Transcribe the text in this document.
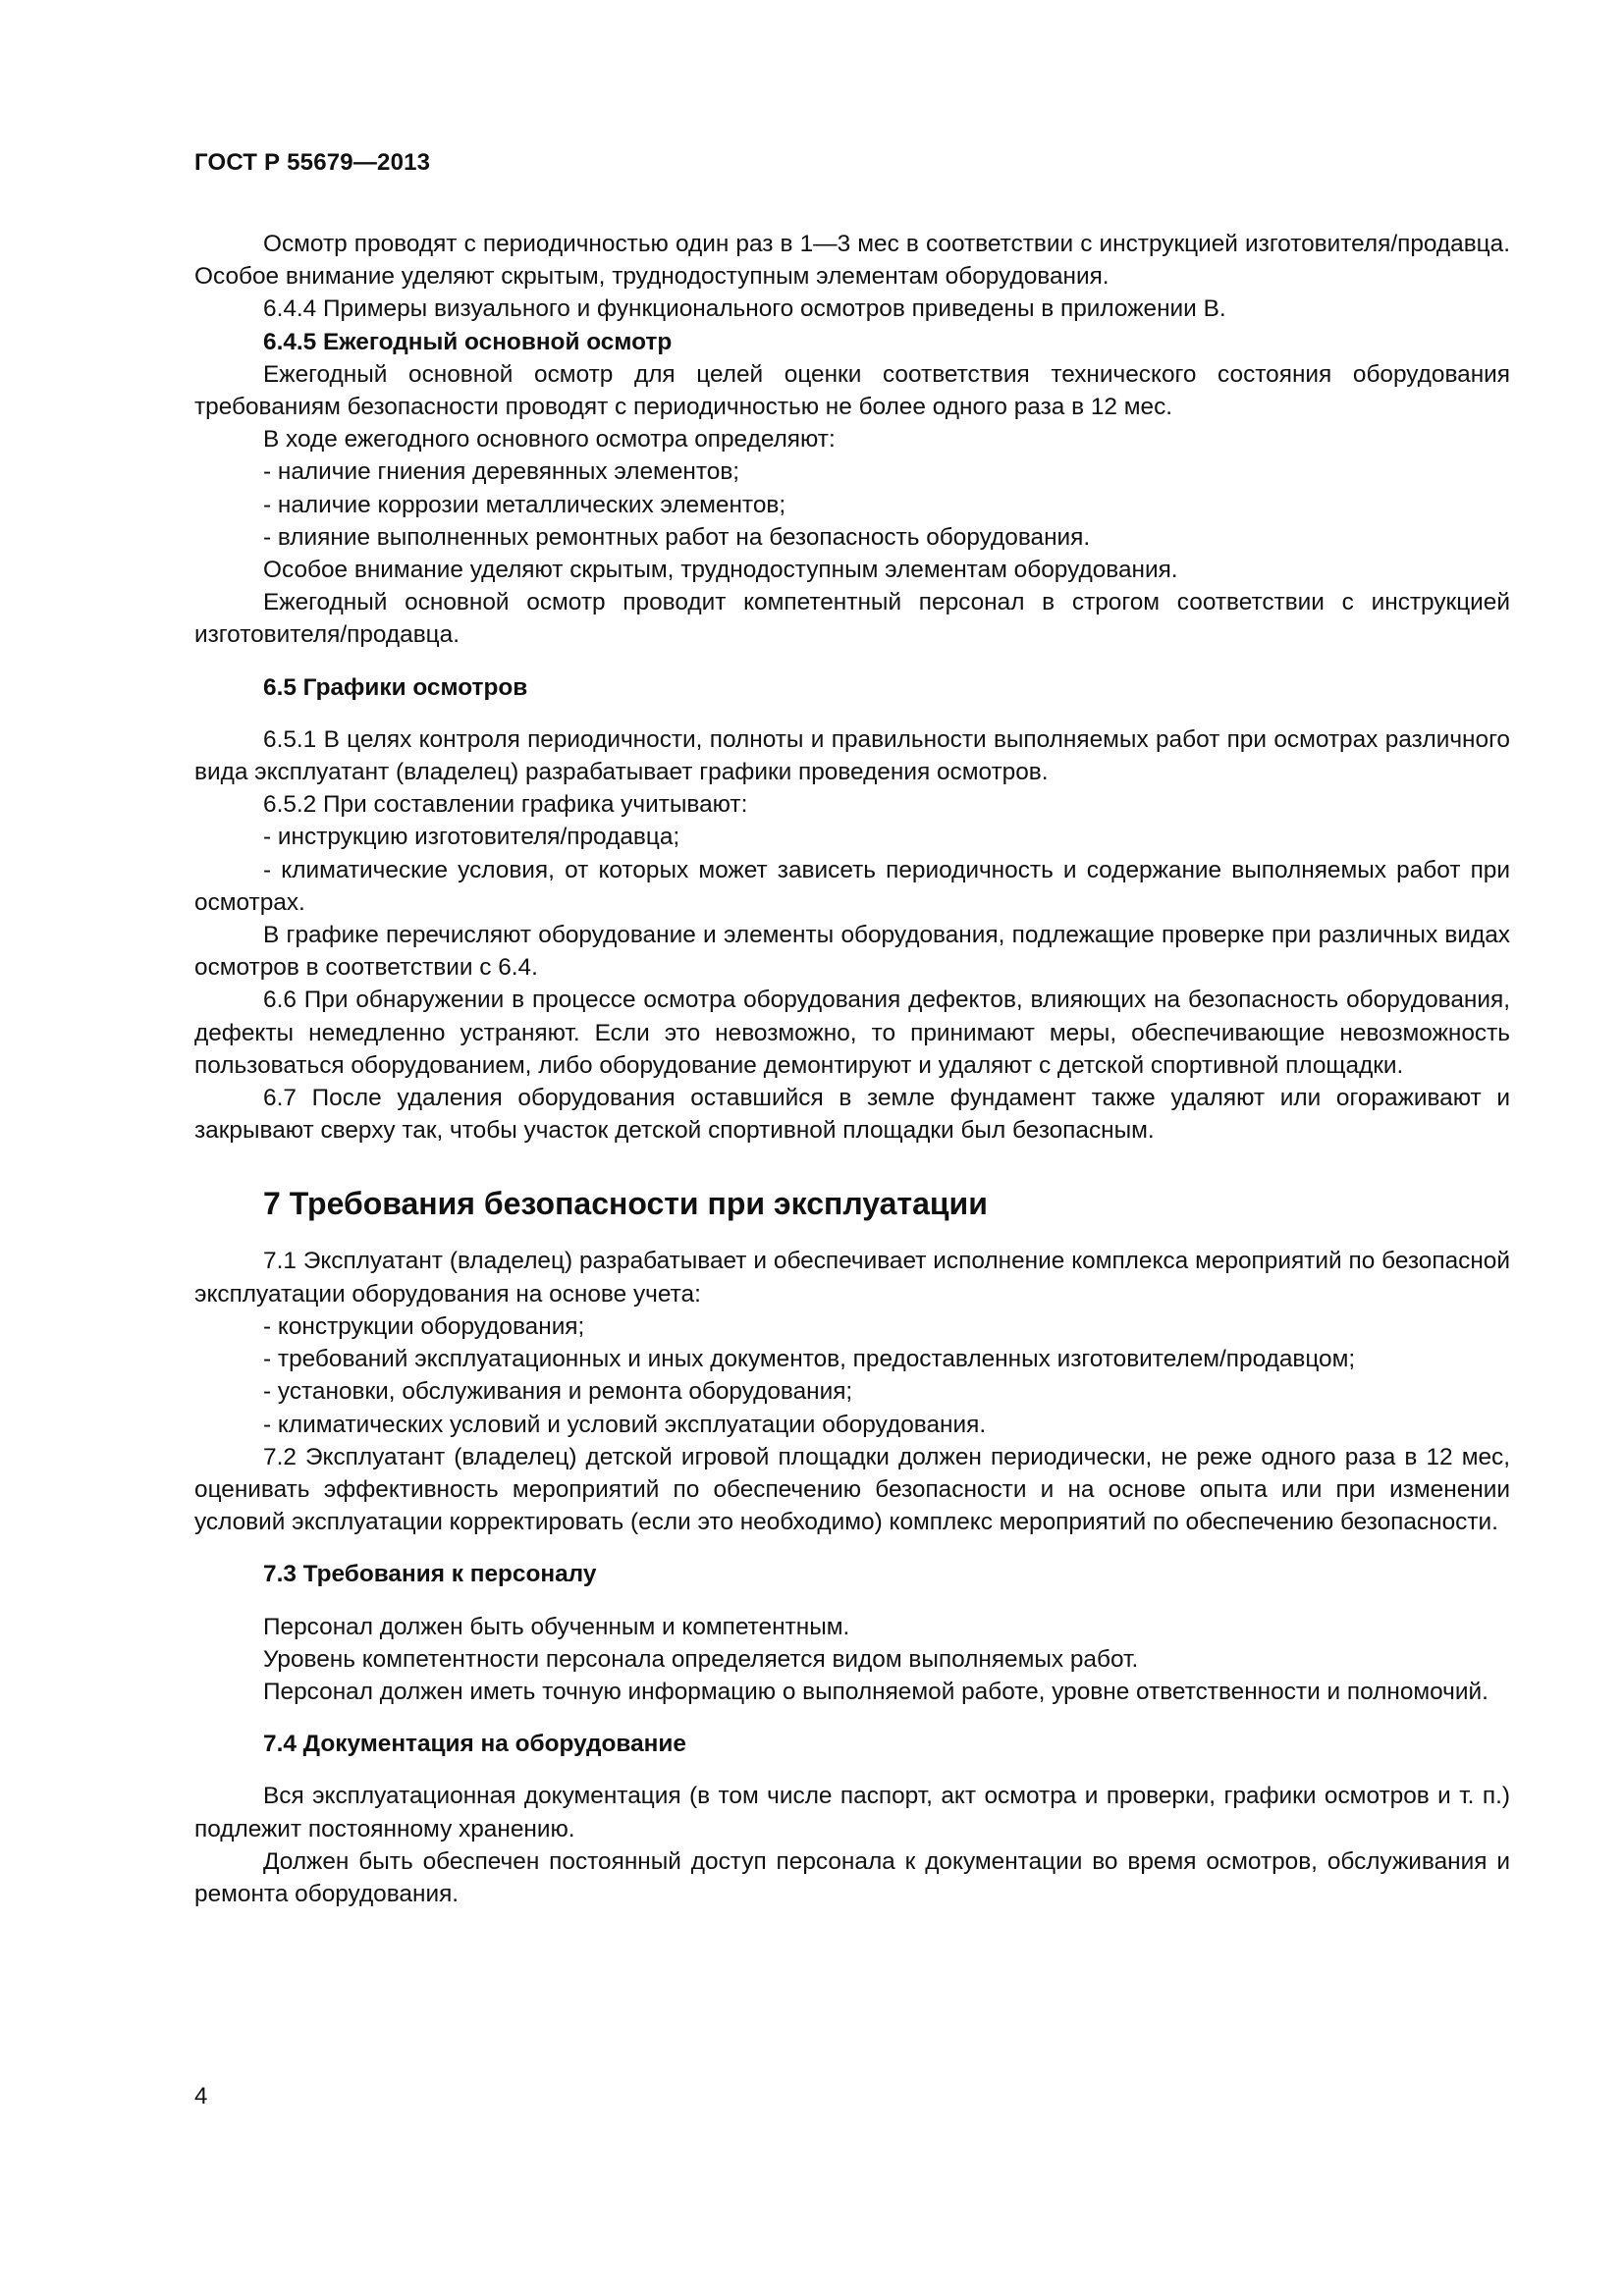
ГОСТ Р 55679—2013

Осмотр проводят с периодичностью один раз в 1—3 мес в соответствии с инструкцией изготовителя/продавца. Особое внимание уделяют скрытым, труднодоступным элементам оборудования.

6.4.4 Примеры визуального и функционального осмотров приведены в приложении В.

6.4.5 Ежегодный основной осмотр

Ежегодный основной осмотр для целей оценки соответствия технического состояния оборудования требованиям безопасности проводят с периодичностью не более одного раза в 12 мес.

В ходе ежегодного основного осмотра определяют:

- наличие гниения деревянных элементов;

- наличие коррозии металлических элементов;

- влияние выполненных ремонтных работ на безопасность оборудования.

Особое внимание уделяют скрытым, труднодоступным элементам оборудования.

Ежегодный основной осмотр проводит компетентный персонал в строгом соответствии с инструкцией изготовителя/продавца.

6.5 Графики осмотров

6.5.1 В целях контроля периодичности, полноты и правильности выполняемых работ при осмотрах различного вида эксплуатант (владелец) разрабатывает графики проведения осмотров.

6.5.2 При составлении графика учитывают:

- инструкцию изготовителя/продавца;

- климатические условия, от которых может зависеть периодичность и содержание выполняемых работ при осмотрах.

В графике перечисляют оборудование и элементы оборудования, подлежащие проверке при различных видах осмотров в соответствии с 6.4.

6.6 При обнаружении в процессе осмотра оборудования дефектов, влияющих на безопасность оборудования, дефекты немедленно устраняют. Если это невозможно, то принимают меры, обеспечивающие невозможность пользоваться оборудованием, либо оборудование демонтируют и удаляют с детской спортивной площадки.

6.7 После удаления оборудования оставшийся в земле фундамент также удаляют или огораживают и закрывают сверху так, чтобы участок детской спортивной площадки был безопасным.

7 Требования безопасности при эксплуатации

7.1 Эксплуатант (владелец) разрабатывает и обеспечивает исполнение комплекса мероприятий по безопасной эксплуатации оборудования на основе учета:

- конструкции оборудования;

- требований эксплуатационных и иных документов, предоставленных изготовителем/продавцом;

- установки, обслуживания и ремонта оборудования;

- климатических условий и условий эксплуатации оборудования.

7.2 Эксплуатант (владелец) детской игровой площадки должен периодически, не реже одного раза в 12 мес, оценивать эффективность мероприятий по обеспечению безопасности и на основе опыта или при изменении условий эксплуатации корректировать (если это необходимо) комплекс мероприятий по обеспечению безопасности.

7.3 Требования к персоналу

Персонал должен быть обученным и компетентным.

Уровень компетентности персонала определяется видом выполняемых работ.

Персонал должен иметь точную информацию о выполняемой работе, уровне ответственности и полномочий.

7.4 Документация на оборудование

Вся эксплуатационная документация (в том числе паспорт, акт осмотра и проверки, графики осмотров и т. п.) подлежит постоянному хранению.

Должен быть обеспечен постоянный доступ персонала к документации во время осмотров, обслуживания и ремонта оборудования.

4
